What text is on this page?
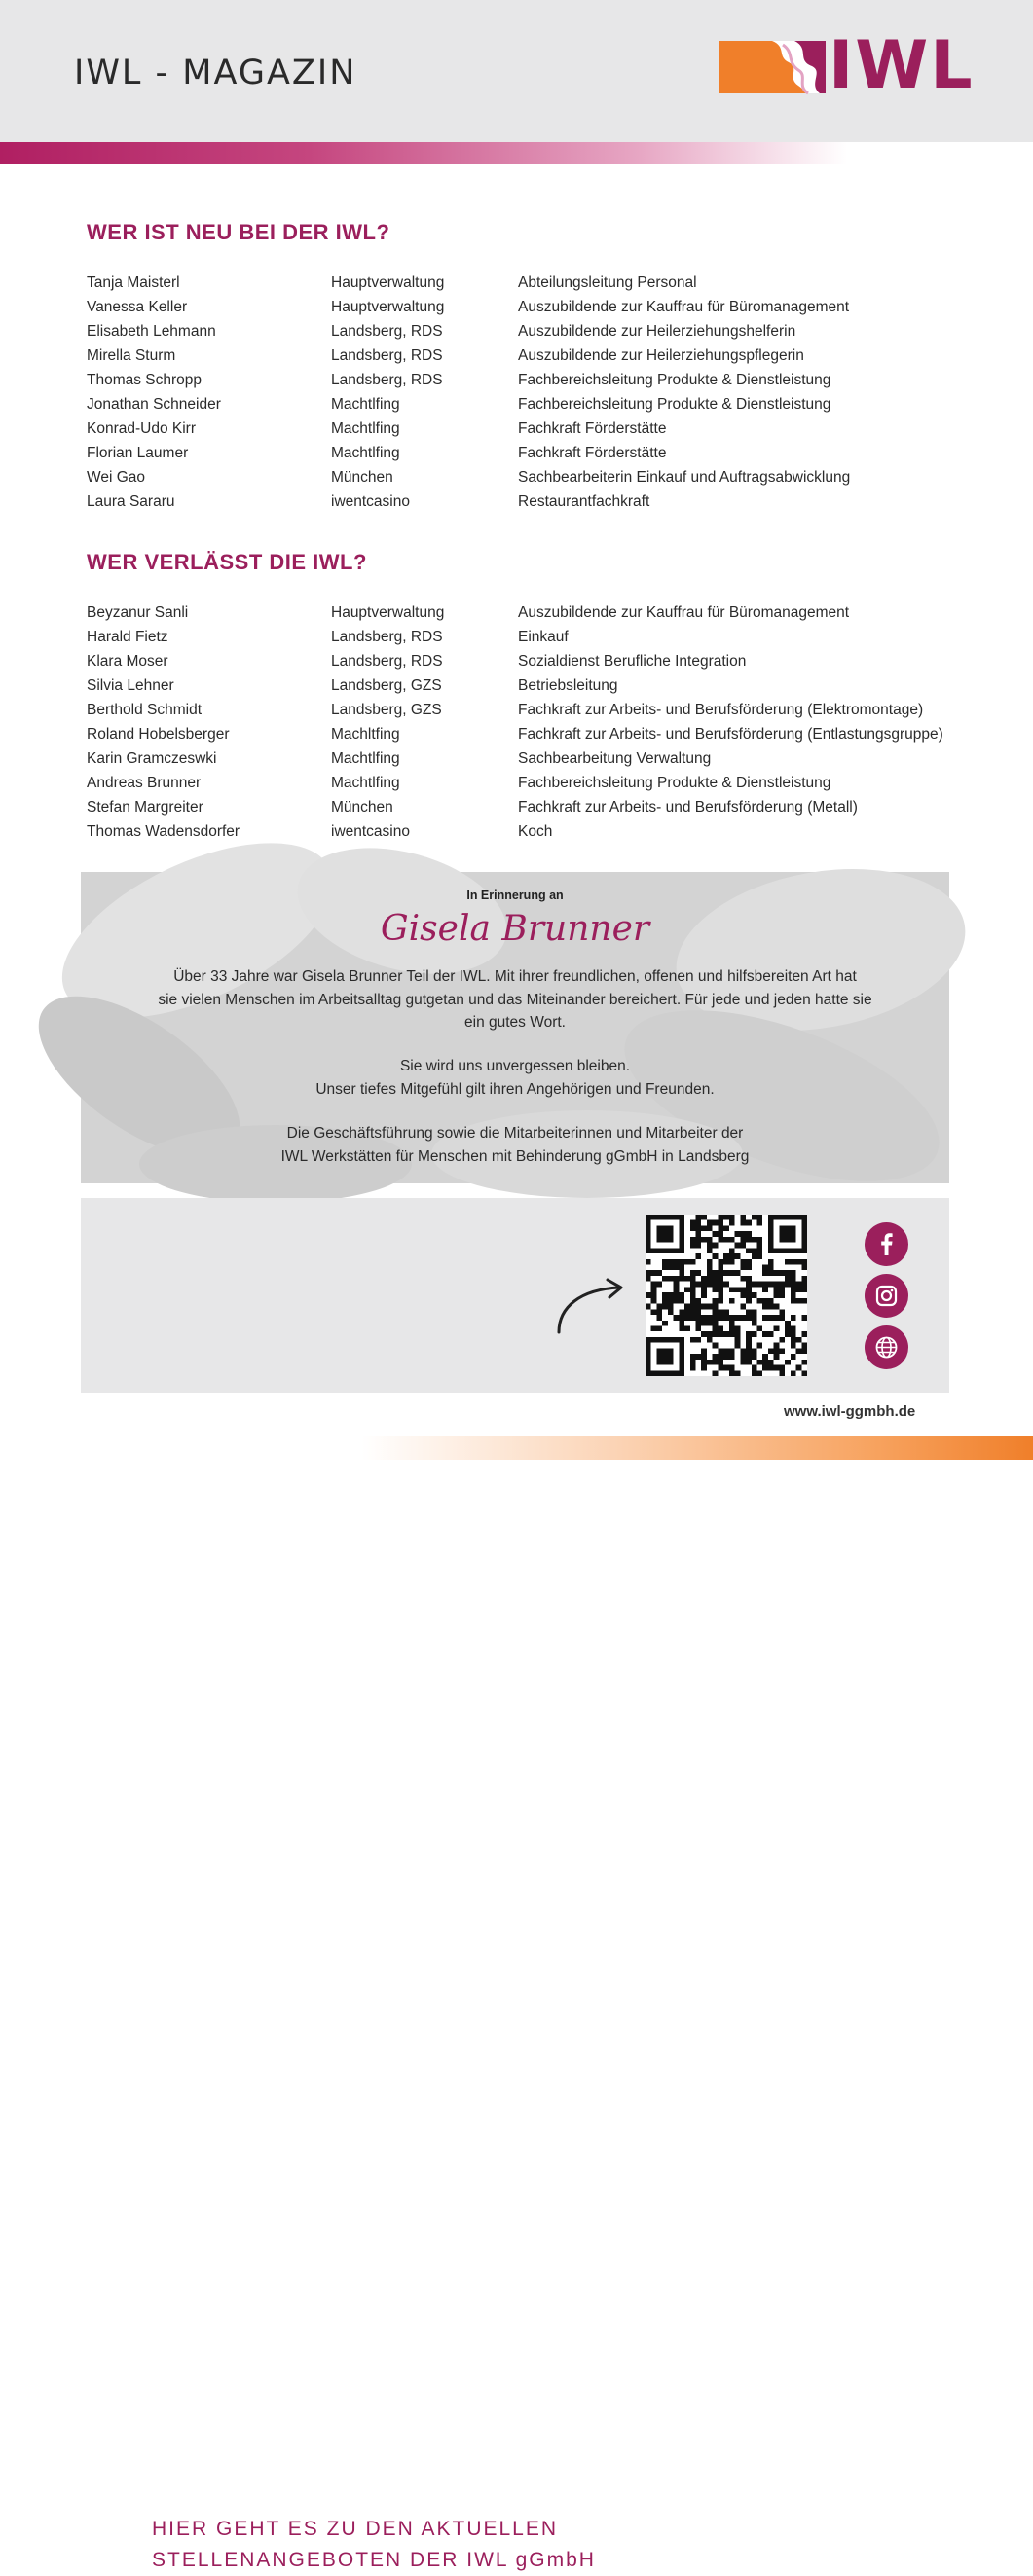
IWL - MAGAZIN	IWL
WER IST NEU BEI DER IWL?
Tanja Maisterl	Hauptverwaltung	Abteilungsleitung Personal
Vanessa Keller	Hauptverwaltung	Auszubildende zur Kauffrau für Büromanagement
Elisabeth Lehmann	Landsberg, RDS	Auszubildende zur Heilerziehungshelferin
Mirella Sturm	Landsberg, RDS	Auszubildende zur Heilerziehungspflegerin
Thomas Schropp	Landsberg, RDS	Fachbereichsleitung Produkte & Dienstleistung
Jonathan Schneider	Machtlfing	Fachbereichsleitung Produkte & Dienstleistung
Konrad-Udo Kirr	Machtlfing	Fachkraft Förderstätte
Florian Laumer	Machtlfing	Fachkraft Förderstätte
Wei Gao	München	Sachbearbeiterin Einkauf und Auftragsabwicklung
Laura Sararu	iwentcasino	Restaurantfachkraft
WER VERLÄSST DIE IWL?
Beyzanur Sanli	Hauptverwaltung	Auszubildende zur Kauffrau für Büromanagement
Harald Fietz	Landsberg, RDS	Einkauf
Klara Moser	Landsberg, RDS	Sozialdienst Berufliche Integration
Silvia Lehner	Landsberg, GZS	Betriebsleitung
Berthold Schmidt	Landsberg, GZS	Fachkraft zur Arbeits- und Berufsförderung (Elektromontage)
Roland Hobelsberger	Machltfing	Fachkraft zur Arbeits- und Berufsförderung (Entlastungsgruppe)
Karin Gramczeswki	Machtlfing	Sachbearbeitung Verwaltung
Andreas Brunner	Machtlfing	Fachbereichsleitung Produkte & Dienstleistung
Stefan Margreiter	München	Fachkraft zur Arbeits- und Berufsförderung (Metall)
Thomas Wadensdorfer	iwentcasino	Koch
In Erinnerung an
Gisela Brunner
Über 33 Jahre war Gisela Brunner Teil der IWL. Mit ihrer freundlichen, offenen und hilfsbereiten Art hat
sie vielen Menschen im Arbeitsalltag gutgetan und das Miteinander bereichert. Für jede und jeden hatte sie
ein gutes Wort.
Sie wird uns unvergessen bleiben.
Unser tiefes Mitgefühl gilt ihren Angehörigen und Freunden.
Die Geschäftsführung sowie die Mitarbeiterinnen und Mitarbeiter der
IWL Werkstätten für Menschen mit Behinderung gGmbH in Landsberg
HIER GEHT ES ZU DEN AKTUELLEN
STELLENANGEBOTEN DER IWL gGmbH
www.iwl-ggmbh.de
